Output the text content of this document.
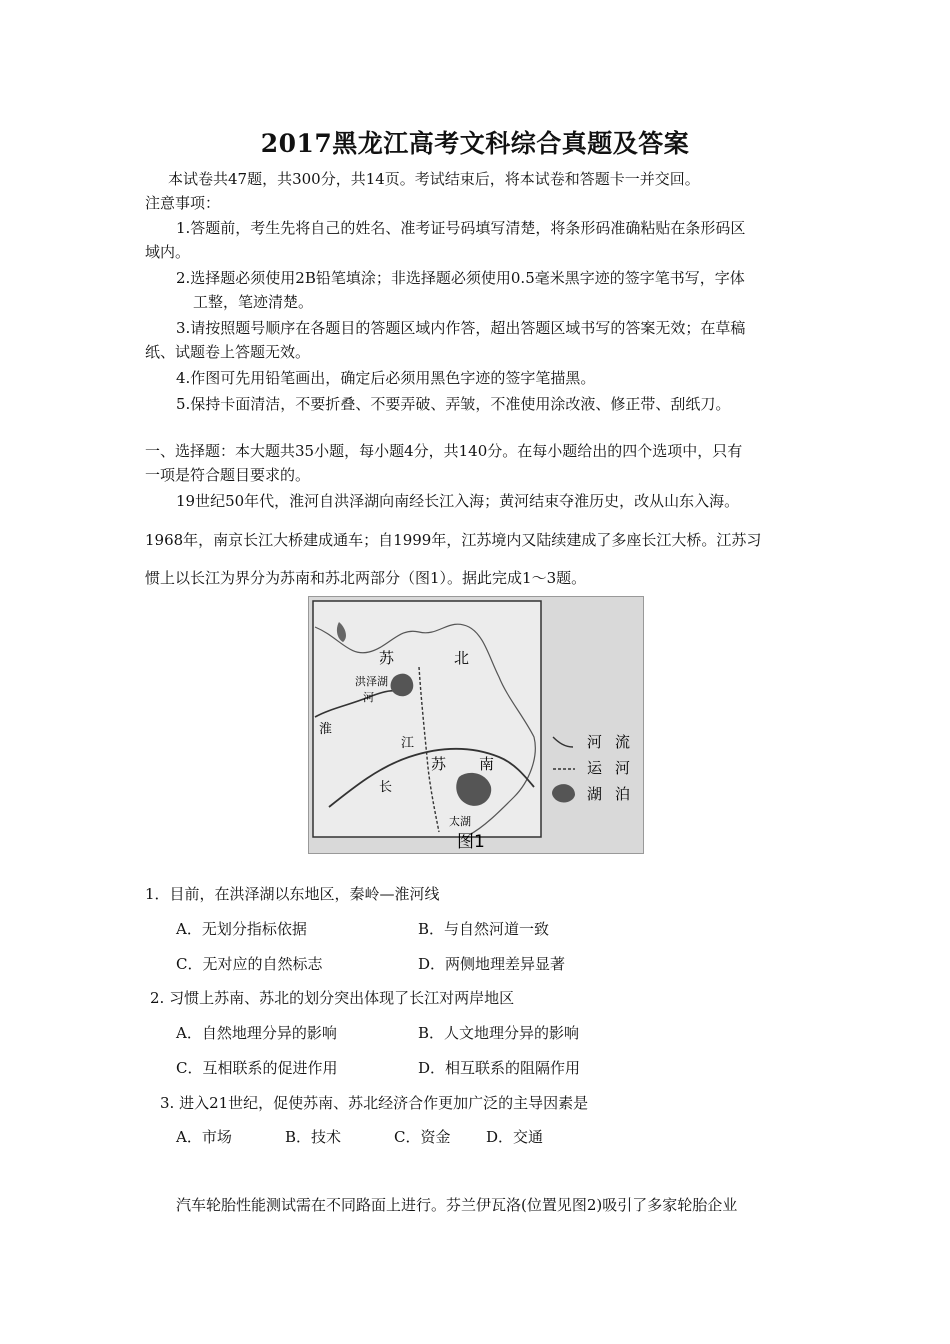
2017黑龙江高考文科综合真题及答案
本试卷共47题，共300分，共14页。考试结束后，将本试卷和答题卡一并交回。
注意事项：
1.答题前，考生先将自己的姓名、准考证号码填写清楚，将条形码准确粘贴在条形码区
域内。
2.选择题必须使用2B铅笔填涂；非选择题必须使用0.5毫米黑字迹的签字笔书写，字体
工整，笔迹清楚。
3.请按照题号顺序在各题目的答题区域内作答，超出答题区域书写的答案无效；在草稿
纸、试题卷上答题无效。
4.作图可先用铅笔画出，确定后必须用黑色字迹的签字笔描黑。
5.保持卡面清洁，不要折叠、不要弄破、弄皱，不准使用涂改液、修正带、刮纸刀。
一、选择题：本大题共35小题，每小题4分，共140分。在每小题给出的四个选项中，只有
一项是符合题目要求的。
19世纪50年代，淮河自洪泽湖向南经长江入海；黄河结束夺淮历史，改从山东入海。
1968年，南京长江大桥建成通车；自1999年，江苏境内又陆续建成了多座长江大桥。江苏习
惯上以长江为界分为苏南和苏北两部分（图1）。据此完成1～3题。
苏	北
洪泽湖
河
淮
江
苏 南
长
太湖
河
运
湖
流
河
泊
图1
1．目前，在洪泽湖以东地区，秦岭—淮河线
A．无划分指标依据	B．与自然河道一致
C．无对应的自然标志	D．两侧地理差异显著
2. 习惯上苏南、苏北的划分突出体现了长江对两岸地区
A．自然地理分异的影响	B．人文地理分异的影响
C．互相联系的促进作用	D．相互联系的阻隔作用
3. 进入21世纪，促使苏南、苏北经济合作更加广泛的主导因素是
A．市场	B．技术	C．资金 D．交通
汽车轮胎性能测试需在不同路面上进行。芬兰伊瓦洛(位置见图2)吸引了多家轮胎企业
